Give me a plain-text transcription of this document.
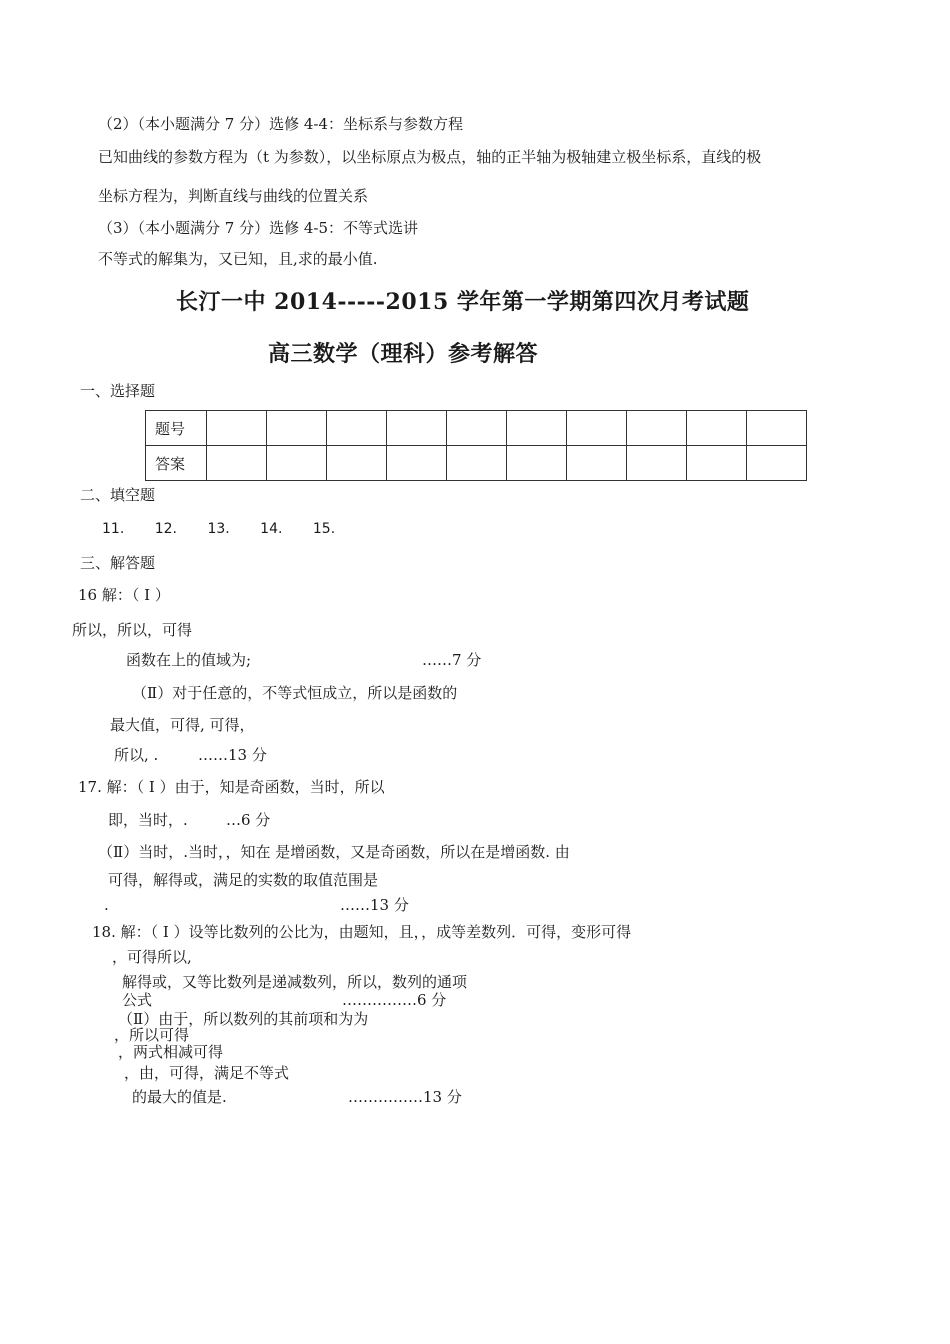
（2）（本小题满分 7 分）选修 4-4：坐标系与参数方程
已知曲线的参数方程为（t 为参数），以坐标原点为极点，轴的正半轴为极轴建立极坐标系，直线的极
坐标方程为，判断直线与曲线的位置关系
（3）（本小题满分 7 分）选修 4-5：不等式选讲
不等式的解集为，又已知，且,求的最小值.
长汀一中 2014-----2015 学年第一学期第四次月考试题
高三数学（理科）参考解答
一、选择题
题号										
答案										
二、填空题
11. 12. 13. 14. 15.
三、解答题
16 解：（ Ⅰ ）
所以，所以，可得
函数在上的值域为;	……7 分
（Ⅱ）对于任意的，不等式恒成立，所以是函数的
最大值，可得, 可得，
所以, .	……13 分
17. 解：（ Ⅰ ）由于，知是奇函数，当时，所以
即，当时，.	…6 分
（Ⅱ）当时，.当时，，知在 是增函数，又是奇函数，所以在是增函数. 由
可得，解得或，满足的实数的取值范围是
.	……13 分
18. 解：（ Ⅰ ）设等比数列的公比为，由题知，且，，成等差数列．可得，变形可得
，可得所以,
解得或，又等比数列是递减数列，所以，数列的通项
公式	……………6 分
（Ⅱ）由于，所以数列的其前项和为为
，所以可得
，两式相减可得
，由，可得，满足不等式
的最大的值是.	……………13 分
